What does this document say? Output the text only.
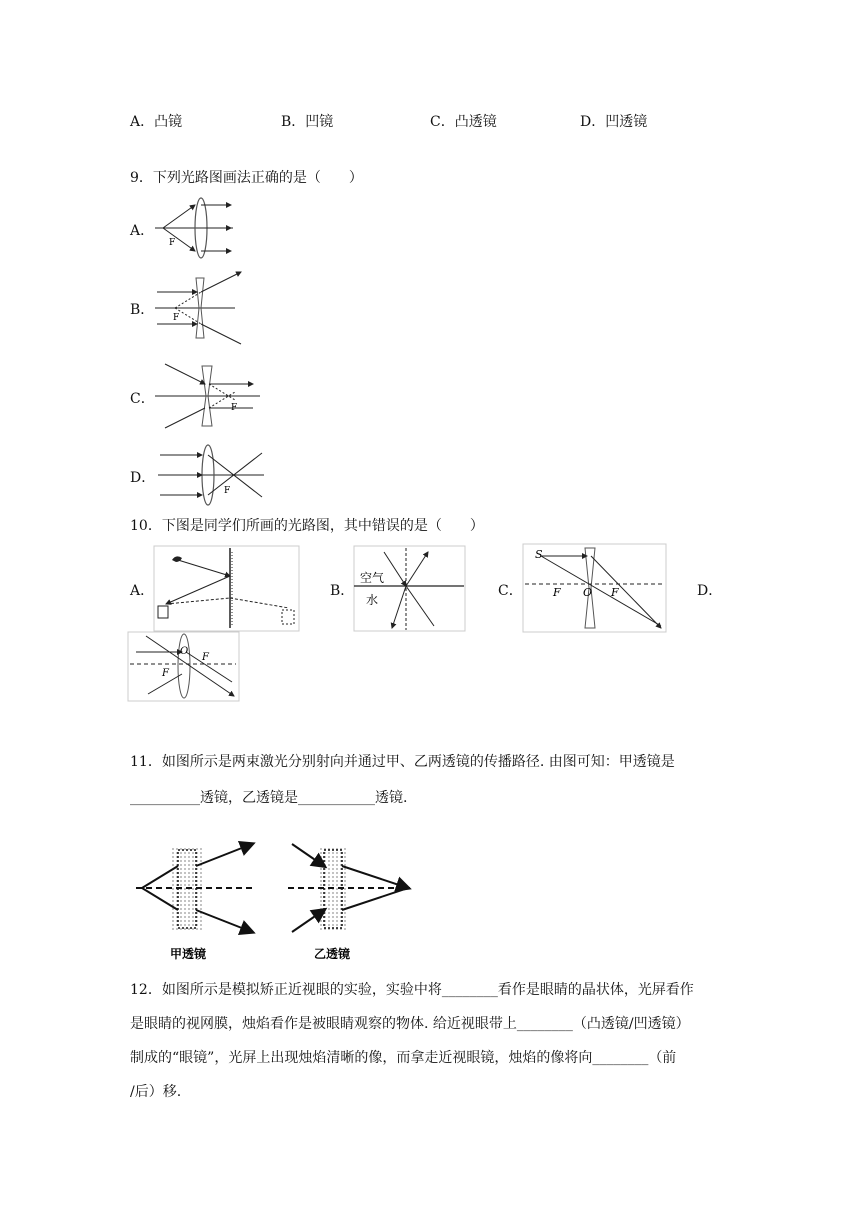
A．凸镜	B．凹镜	C．凸透镜	D．凹透镜
9．下列光路图画法正确的是（　　）
A．
F
B． F
C．
F
D．
F
10．下图是同学们所画的光路图，其中错误的是（　　）
A．	B．
空气
水
C．
S
F O F	D．
O
F
F
11．如图所示是两束激光分别射向并通过甲、乙两透镜的传播路径. 由图可知：甲透镜是
__________透镜，乙透镜是___________透镜.
甲透镜	乙透镜
12．如图所示是模拟矫正近视眼的实验，实验中将________看作是眼睛的晶状体，光屏看作
是眼睛的视网膜，烛焰看作是被眼睛观察的物体. 给近视眼带上________（凸透镜/凹透镜）
制成的“眼镜”，光屏上出现烛焰清晰的像，而拿走近视眼镜，烛焰的像将向________（前
/后）移.
